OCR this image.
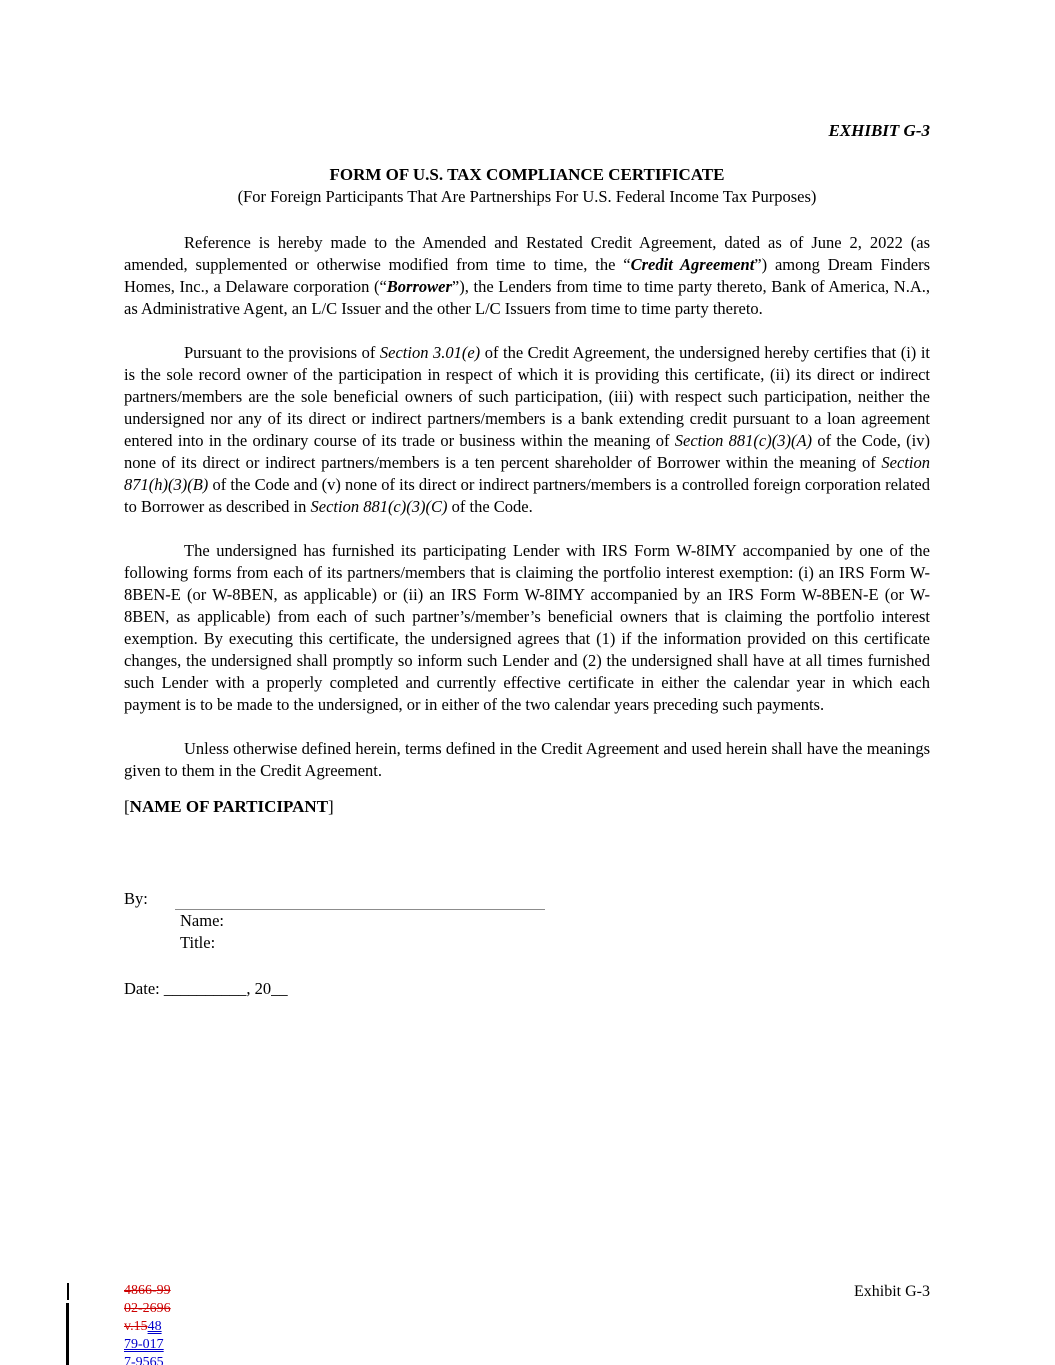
EXHIBIT G-3
FORM OF U.S. TAX COMPLIANCE CERTIFICATE
(For Foreign Participants That Are Partnerships For U.S. Federal Income Tax Purposes)

Reference is hereby made to the Amended and Restated Credit Agreement, dated as of June 2, 2022 (as amended, supplemented or otherwise modified from time to time, the “Credit Agreement”) among Dream Finders Homes, Inc., a Delaware corporation (“Borrower”), the Lenders from time to time party thereto, Bank of America, N.A., as Administrative Agent, an L/C Issuer and the other L/C Issuers from time to time party thereto.

Pursuant to the provisions of Section 3.01(e) of the Credit Agreement, the undersigned hereby certifies that (i) it is the sole record owner of the participation in respect of which it is providing this certificate, (ii) its direct or indirect partners/members are the sole beneficial owners of such participation, (iii) with respect such participation, neither the undersigned nor any of its direct or indirect partners/members is a bank extending credit pursuant to a loan agreement entered into in the ordinary course of its trade or business within the meaning of Section 881(c)(3)(A) of the Code, (iv) none of its direct or indirect partners/members is a ten percent shareholder of Borrower within the meaning of Section 871(h)(3)(B) of the Code and (v) none of its direct or indirect partners/members is a controlled foreign corporation related to Borrower as described in Section 881(c)(3)(C) of the Code.

The undersigned has furnished its participating Lender with IRS Form W-8IMY accompanied by one of the following forms from each of its partners/members that is claiming the portfolio interest exemption: (i) an IRS Form W-8BEN-E (or W-8BEN, as applicable) or (ii) an IRS Form W-8IMY accompanied by an IRS Form W-8BEN-E (or W-8BEN, as applicable) from each of such partner’s/member’s beneficial owners that is claiming the portfolio interest exemption. By executing this certificate, the undersigned agrees that (1) if the information provided on this certificate changes, the undersigned shall promptly so inform such Lender and (2) the undersigned shall have at all times furnished such Lender with a properly completed and currently effective certificate in either the calendar year in which each payment is to be made to the undersigned, or in either of the two calendar years preceding such payments.

Unless otherwise defined herein, terms defined in the Credit Agreement and used herein shall have the meanings given to them in the Credit Agreement.

[NAME OF PARTICIPANT]
By:
Name:
Title:
Date: __________, 20__
4866-99
02-2696
v.1548
79-017
7-9565
Exhibit G-3
